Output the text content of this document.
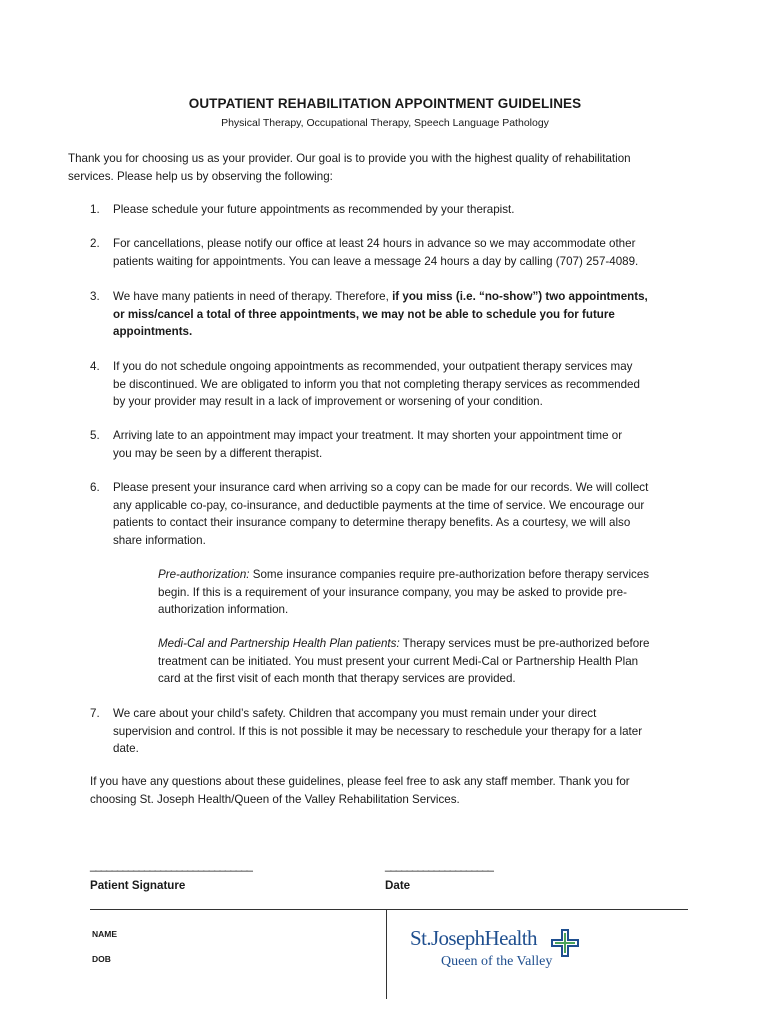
OUTPATIENT REHABILITATION APPOINTMENT GUIDELINES
Physical Therapy, Occupational Therapy, Speech Language Pathology
Thank you for choosing us as your provider. Our goal is to provide you with the highest quality of rehabilitation
services. Please help us by observing the following:
1. Please schedule your future appointments as recommended by your therapist.
2. For cancellations, please notify our office at least 24 hours in advance so we may accommodate other
patients waiting for appointments. You can leave a message 24 hours a day by calling (707) 257-4089.
3. We have many patients in need of therapy. Therefore, if you miss (i.e. “no-show”) two appointments,
or miss/cancel a total of three appointments, we may not be able to schedule you for future
appointments.
4. If you do not schedule ongoing appointments as recommended, your outpatient therapy services may
be discontinued. We are obligated to inform you that not completing therapy services as recommended
by your provider may result in a lack of improvement or worsening of your condition.
5. Arriving late to an appointment may impact your treatment. It may shorten your appointment time or
you may be seen by a different therapist.
6. Please present your insurance card when arriving so a copy can be made for our records. We will collect
any applicable co-pay, co-insurance, and deductible payments at the time of service. We encourage our
patients to contact their insurance company to determine therapy benefits. As a courtesy, we will also
share information.
Pre-authorization: Some insurance companies require pre-authorization before therapy services
begin. If this is a requirement of your insurance company, you may be asked to provide pre-
authorization information.
Medi-Cal and Partnership Health Plan patients: Therapy services must be pre-authorized before
treatment can be initiated. You must present your current Medi-Cal or Partnership Health Plan
card at the first visit of each month that therapy services are provided.
7. We care about your child’s safety. Children that accompany you must remain under your direct
supervision and control. If this is not possible it may be necessary to reschedule your therapy for a later
date.
If you have any questions about these guidelines, please feel free to ask any staff member. Thank you for
choosing St. Joseph Health/Queen of the Valley Rehabilitation Services.
______________________________
Patient Signature
____________________
Date
NAME
DOB
St.JosephHealth
Queen of the Valley
